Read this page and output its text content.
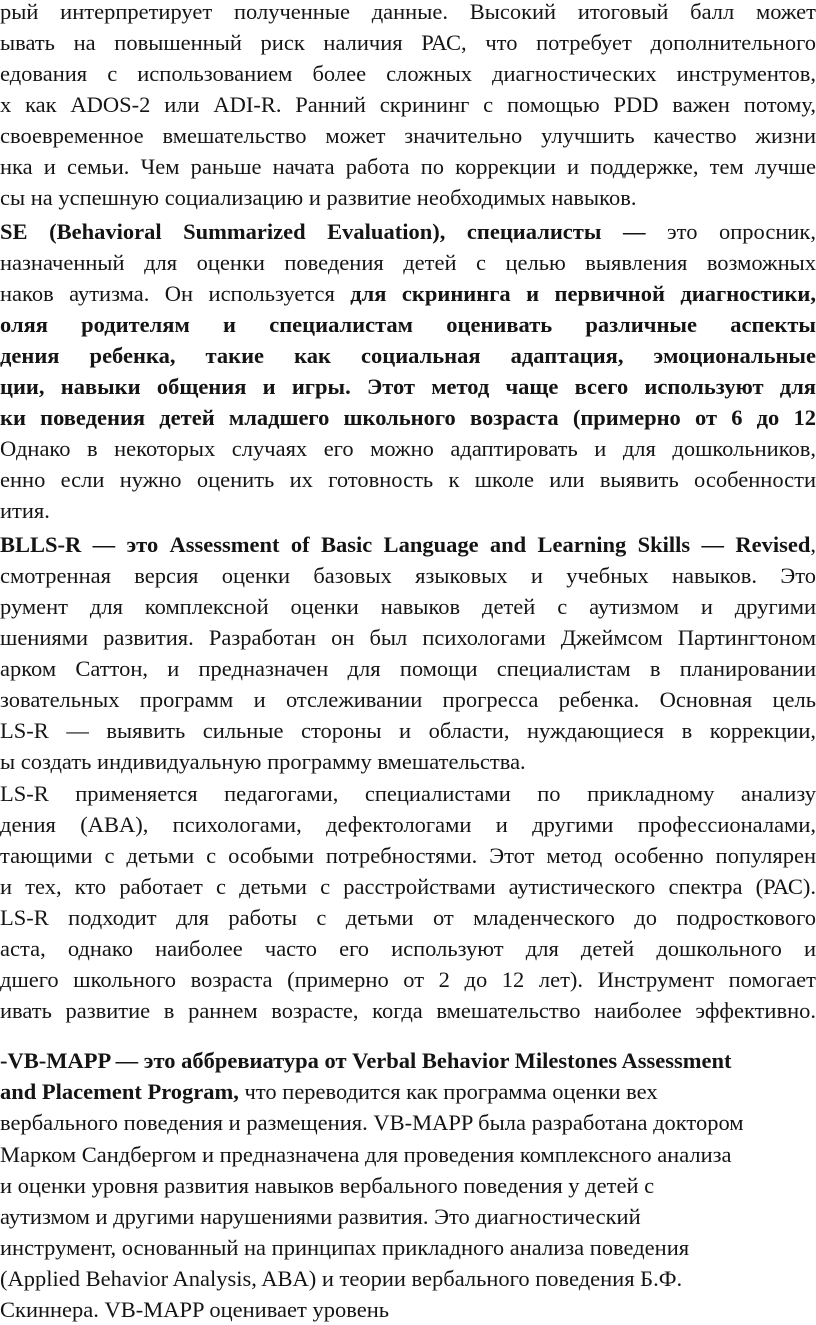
рый интерпретирует полученные данные. Высокий итоговый балл может

ывать на повышенный риск наличия РАС, что потребует дополнительного

едования с использованием более сложных диагностических инструментов,

х как ADOS-2 или ADI-R. Ранний скрининг с помощью PDD важен потому,

своевременное вмешательство может значительно улучшить качество жизни

нка и семьи. Чем раньше начата работа по коррекции и поддержке, тем лучше

сы на успешную социализацию и развитие необходимых навыков.

SE (Behavioral Summarized Evaluation), специалисты — это опросник,

назначенный для оценки поведения детей с целью выявления возможных

наков аутизма. Он используется для скрининга и первичной диагностики,

оляя родителям и специалистам оценивать различные аспекты

дения ребенка, такие как социальная адаптация, эмоциональные

ции, навыки общения и игры. Этот метод чаще всего используют для

ки поведения детей младшего школьного возраста (примерно от 6 до 12

Однако в некоторых случаях его можно адаптировать и для дошкольников,

енно если нужно оценить их готовность к школе или выявить особенности

ития.

BLLS-R — это Assessment of Basic Language and Learning Skills — Revised,

смотренная версия оценки базовых языковых и учебных навыков. Это

румент для комплексной оценки навыков детей с аутизмом и другими

шениями развития. Разработан он был психологами Джеймсом Партингтоном

арком Саттон, и предназначен для помощи специалистам в планировании

зовательных программ и отслеживании прогресса ребенка. Основная цель

LS-R — выявить сильные стороны и области, нуждающиеся в коррекции,

ы создать индивидуальную программу вмешательства.

LS-R применяется педагогами, специалистами по прикладному анализу

дения (ABA), психологами, дефектологами и другими профессионалами,

тающими с детьми с особыми потребностями. Этот метод особенно популярен

и тех, кто работает с детьми с расстройствами аутистического спектра (РАС).

LS-R подходит для работы с детьми от младенческого до подросткового

аста, однако наиболее часто его используют для детей дошкольного и

дшего школьного возраста (примерно от 2 до 12 лет). Инструмент помогает

ивать развитие в раннем возрасте, когда вмешательство наиболее эффективно.

-VB-MAPP — это аббревиатура от Verbal Behavior Milestones Assessment

and Placement Program, что переводится как программа оценки вех

вербального поведения и размещения. VB-MAPP была разработана доктором

Марком Сандбергом и предназначена для проведения комплексного анализа

и оценки уровня развития навыков вербального поведения у детей с

аутизмом и другими нарушениями развития. Это диагностический

инструмент, основанный на принципах прикладного анализа поведения

(Applied Behavior Analysis, ABA) и теории вербального поведения Б.Ф.

Скиннера. VB-MAPP оценивает уровень
